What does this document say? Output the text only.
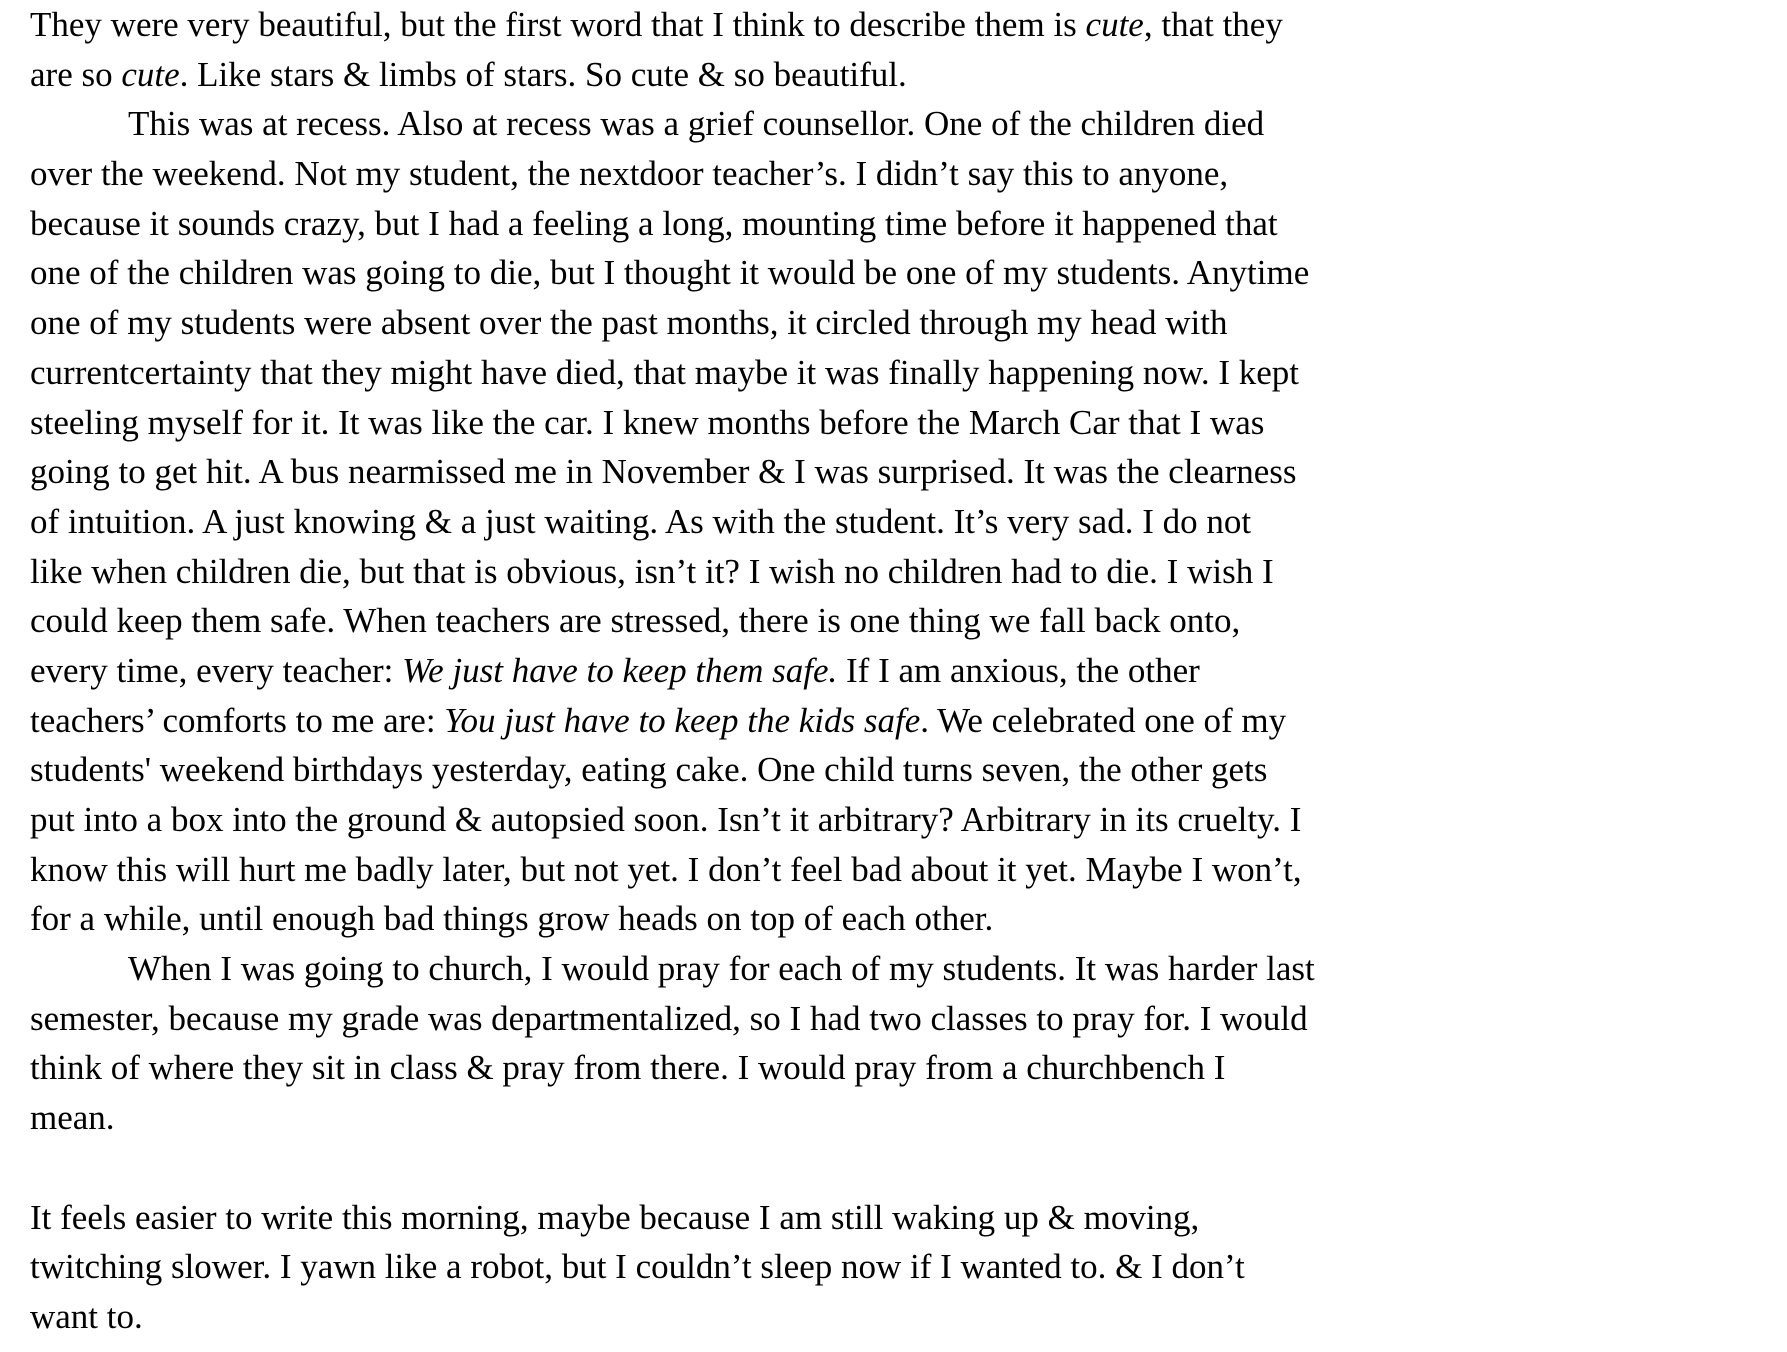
They were very beautiful, but the first word that I think to describe them is cute, that they
are so cute. Like stars & limbs of stars. So cute & so beautiful.
This was at recess. Also at recess was a grief counsellor. One of the children died
over the weekend. Not my student, the nextdoor teacher’s. I didn’t say this to anyone,
because it sounds crazy, but I had a feeling a long, mounting time before it happened that
one of the children was going to die, but I thought it would be one of my students. Anytime
one of my students were absent over the past months, it circled through my head with
currentcertainty that they might have died, that maybe it was finally happening now. I kept
steeling myself for it. It was like the car. I knew months before the March Car that I was
going to get hit. A bus nearmissed me in November & I was surprised. It was the clearness
of intuition. A just knowing & a just waiting. As with the student. It’s very sad. I do not
like when children die, but that is obvious, isn’t it? I wish no children had to die. I wish I
could keep them safe. When teachers are stressed, there is one thing we fall back onto,
every time, every teacher: We just have to keep them safe. If I am anxious, the other
teachers’ comforts to me are: You just have to keep the kids safe. We celebrated one of my
students' weekend birthdays yesterday, eating cake. One child turns seven, the other gets
put into a box into the ground & autopsied soon. Isn’t it arbitrary? Arbitrary in its cruelty. I
know this will hurt me badly later, but not yet. I don’t feel bad about it yet. Maybe I won’t,
for a while, until enough bad things grow heads on top of each other.
When I was going to church, I would pray for each of my students. It was harder last
semester, because my grade was departmentalized, so I had two classes to pray for. I would
think of where they sit in class & pray from there. I would pray from a churchbench I
mean.
It feels easier to write this morning, maybe because I am still waking up & moving,
twitching slower. I yawn like a robot, but I couldn’t sleep now if I wanted to. & I don’t
want to.
